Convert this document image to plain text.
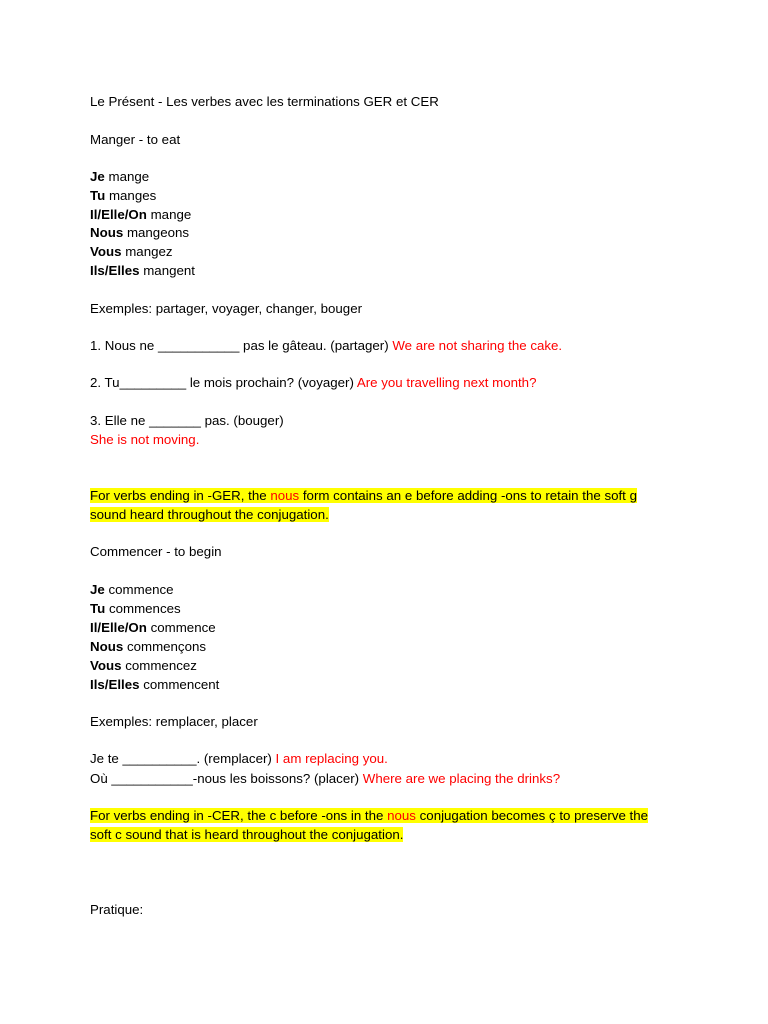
Le Présent - Les verbes avec les terminations GER et CER
Manger - to eat
Je mange
Tu manges
Il/Elle/On mange
Nous mangeons
Vous mangez
Ils/Elles mangent
Exemples: partager, voyager, changer, bouger
1. Nous ne ___________ pas le gâteau. (partager) We are not sharing the cake.
2. Tu_________ le mois prochain? (voyager) Are you travelling next month?
3. Elle ne _______ pas. (bouger)
She is not moving.
For verbs ending in -GER, the nous form contains an e before adding -ons to retain the soft g
sound heard throughout the conjugation.
Commencer - to begin
Je commence
Tu commences
Il/Elle/On commence
Nous commençons
Vous commencez
Ils/Elles commencent
Exemples: remplacer, placer
Je te __________. (remplacer) I am replacing you.
Où ___________-nous les boissons? (placer) Where are we placing the drinks?
For verbs ending in -CER, the c before -ons in the nous conjugation becomes ç to preserve the
soft c sound that is heard throughout the conjugation.
Pratique:
